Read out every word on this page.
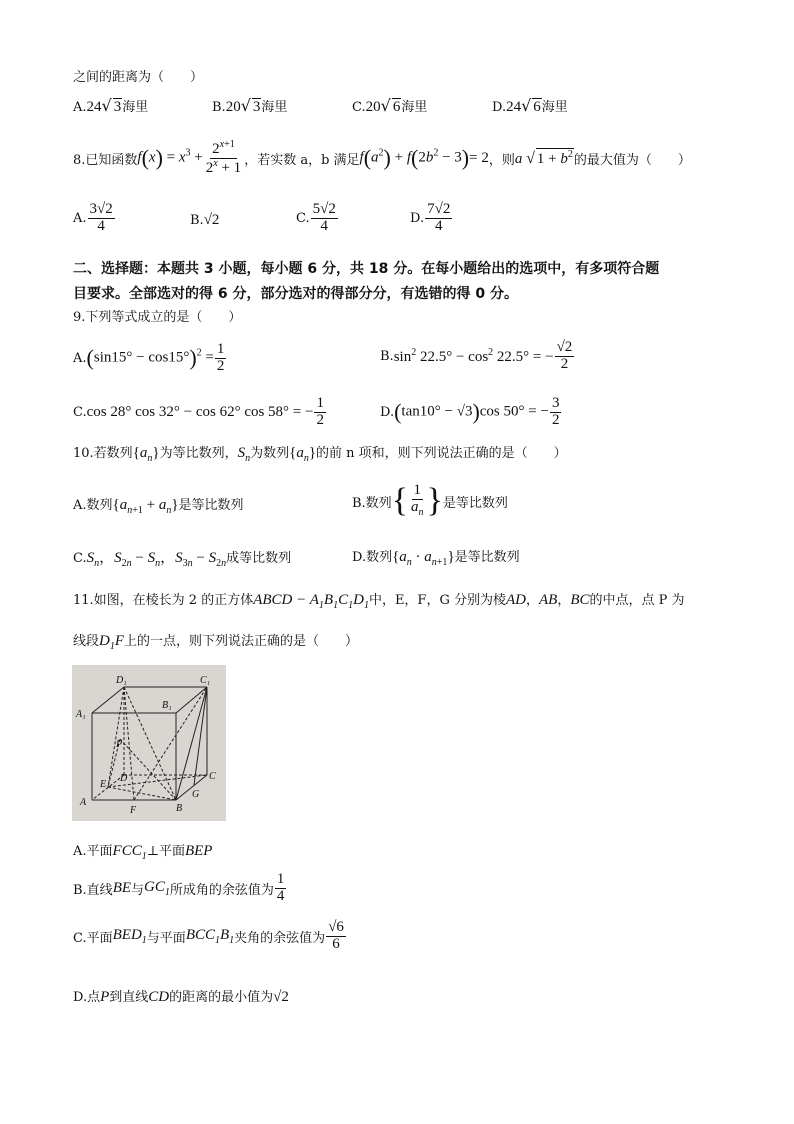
之间的距离为（　　）
A.24√ 3海里	B.20√ 3海里	C.20√ 6海里	D.24√ 6海里
8.已知函数 $f(x) = x^3 + \frac{2^{x+1}}{2^x + 1}$ ，若实数 a，b 满足 $f(a^2) + f(2b^2 - 3) = 2$ ，则 a √ $1 + b^2$ 的最大值为（　　）
A. $\frac{3√2}{4}$	B.√2	C. $\frac{5√2}{4}$	D. $\frac{7√2}{4}$
二、选择题：本题共 3 小题，每小题 6 分，共 18 分。在每小题给出的选项中，有多项符合题
目要求。全部选对的得 6 分，部分选对的得部分分，有选错的得 0 分。
9.下列等式成立的是（　　）
A. $(\sin 15^\circ - \cos 15^\circ)^2 = \frac{1}{2}$	B. $\sin^2 22.5^\circ - \cos^2 22.5^\circ$ = − $\frac{√2}{2}$
C. cos 28° cos 32° − cos 62° cos 58° = − $\frac{1}{2}$	D. (tan10° − √3)cos 50° = − $\frac{3}{2}$
10.若数列$\{a_n\}$为等比数列，$S_n$为数列$\{a_n\}$的前 n 项和，则下列说法正确的是（　　）
A.数列$\{a_{n+1} + a_n\}$是等比数列	B.数列 { $\frac{1}{a_n}$ } 是等比数列
$C.S_n$，$S_{2n} - S_n$，$S_{3n} - S_{2n}$成等比数列	D.数列$\{a_n \cdot a_{n+1}\}$是等比数列
11.如图，在棱长为 2 的正方体ABCD − $A_1B_1C_1D_1$中，E，F，G 分别为棱AD，AB，BC的中点，点 P 为
线段$D_1F$上的一点，则下列说法正确的是（　　）
D₁	C₁
A₁
B₁
P
E
D	C
A
F	B
G
A.平面$FCC_1\perp$平面BEP
B.直线 BE 与 $GC_1$ 所成角的余弦值为 $\frac{1}{4}$
C.平面 $BED_1$ 与平面 $BCC_1B_1$ 夹角的余弦值为 $\frac{√6}{6}$
D.点P到直线CD的距离的最小值为√2
